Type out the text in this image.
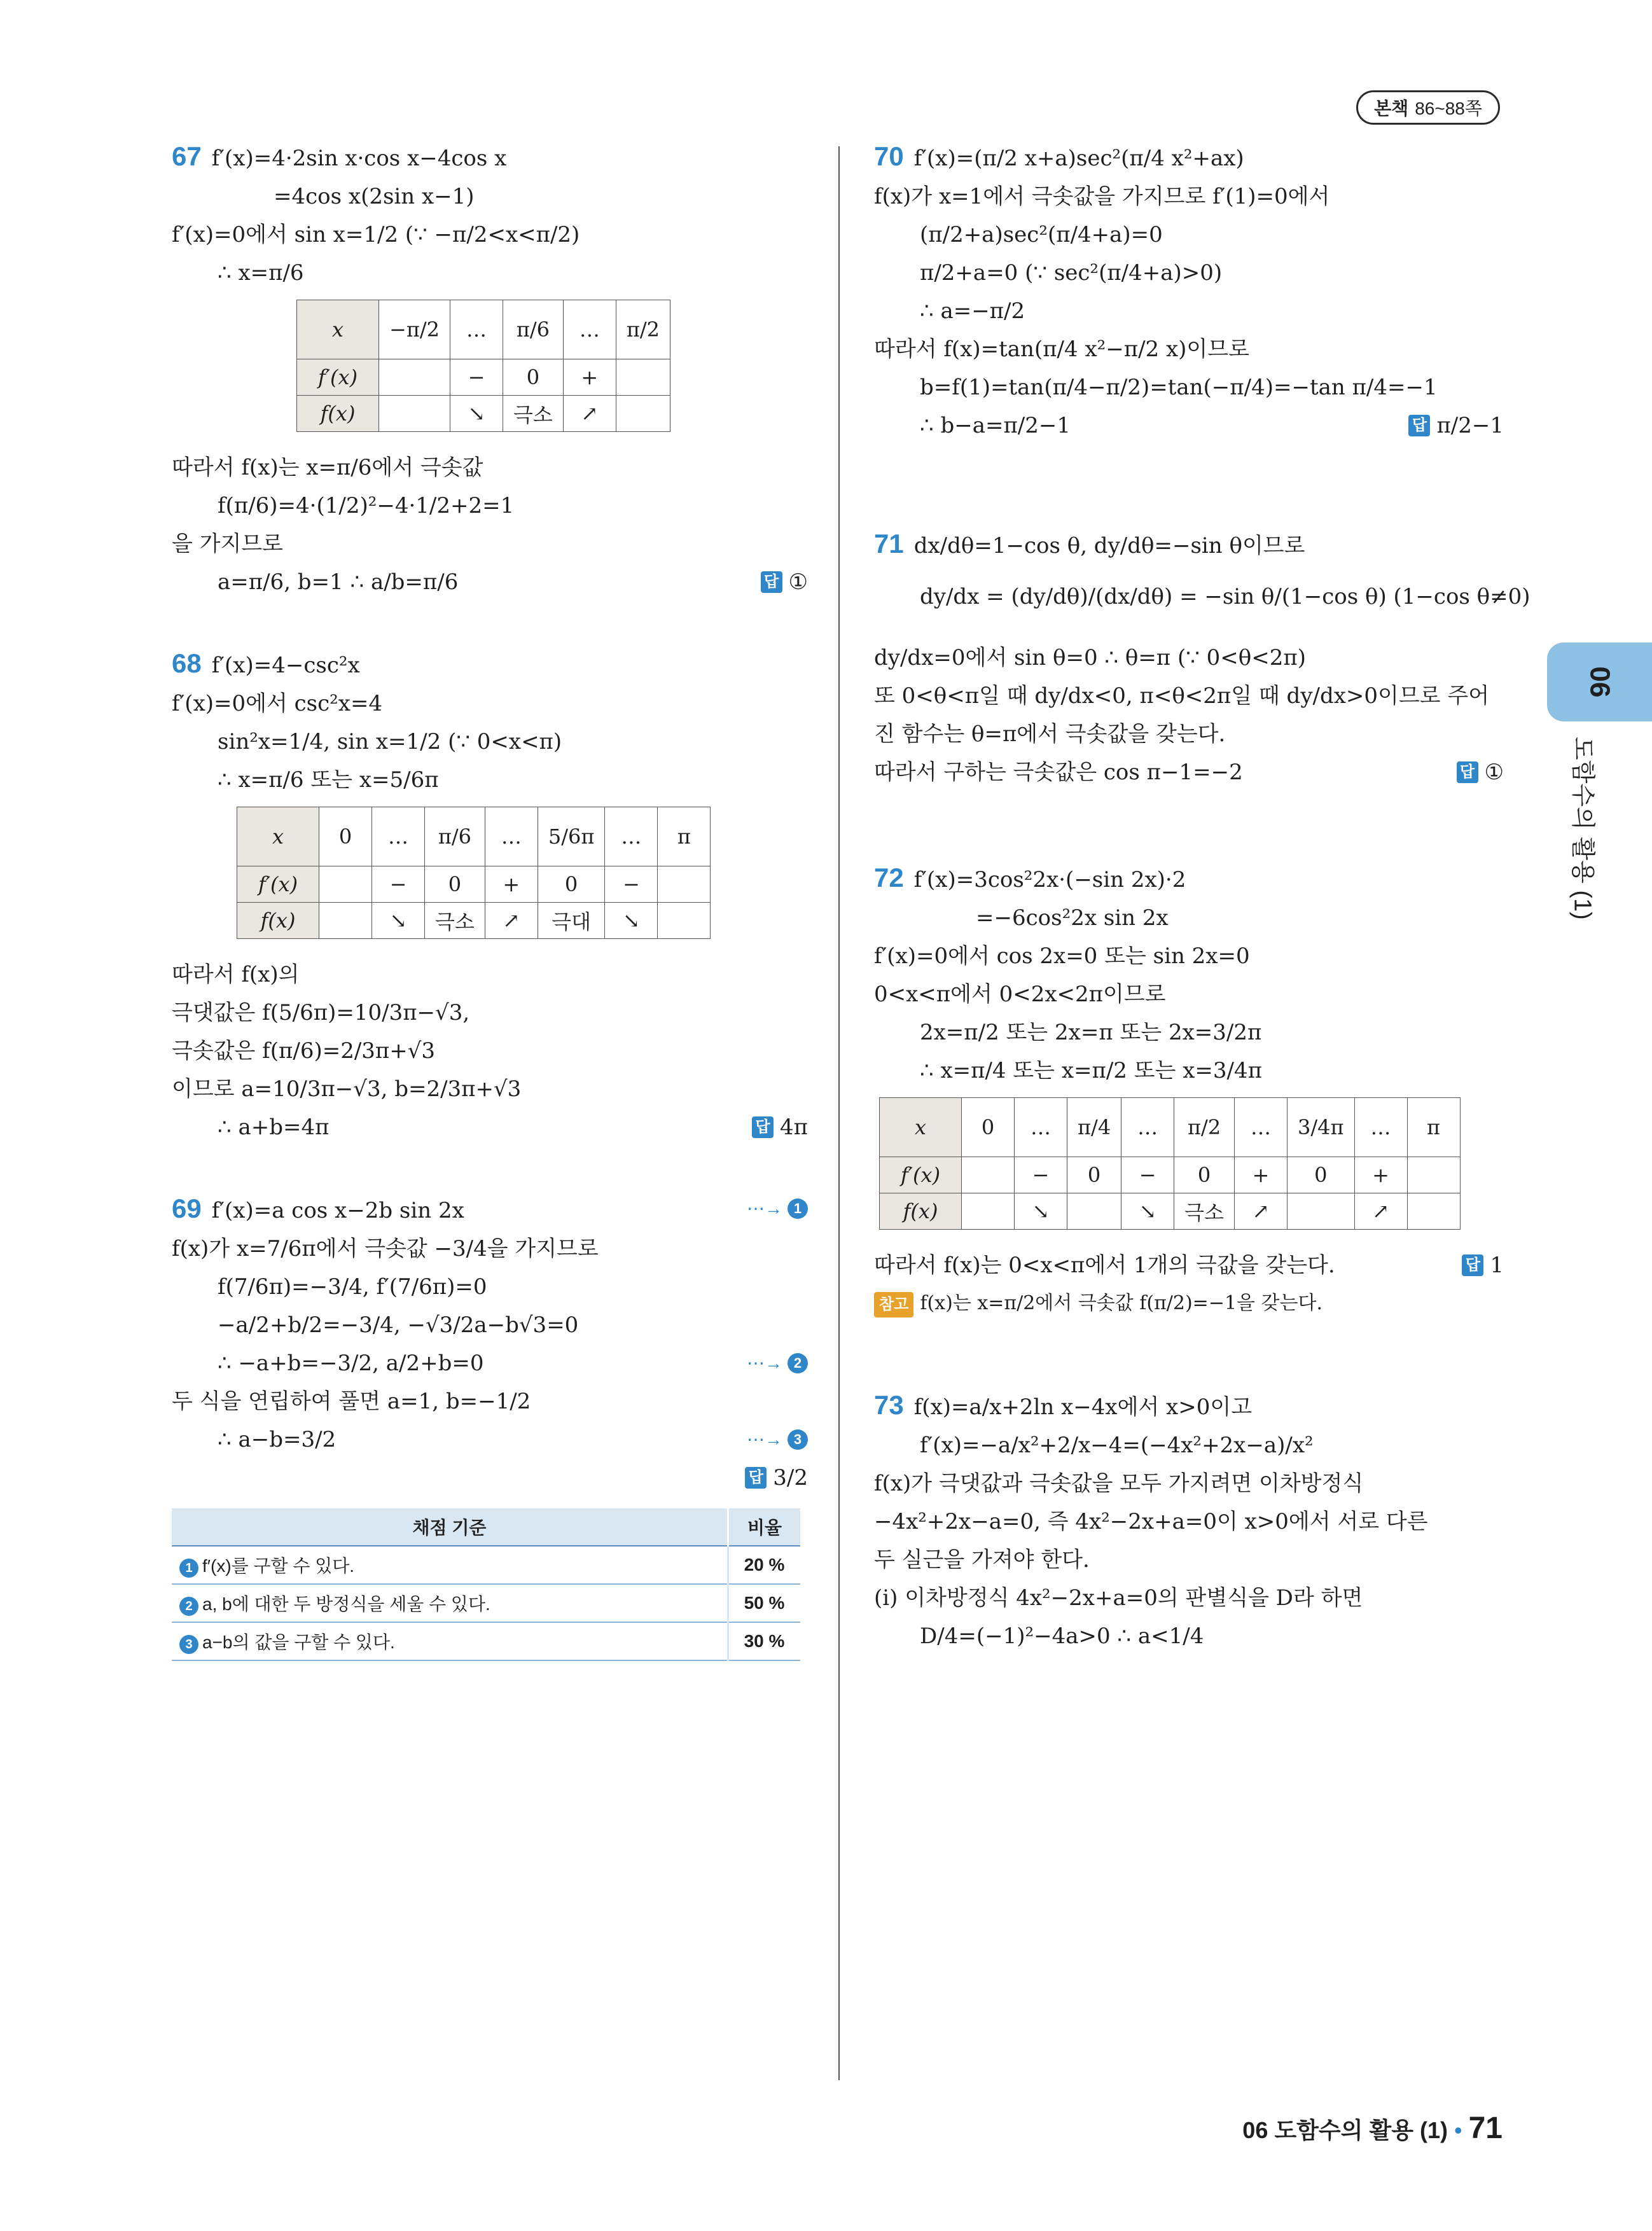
본책 86~88쪽
67 f′(x)=4·2sin x·cos x−4cos x
=4cos x(2sin x−1)
f′(x)=0에서 sin x=1/2 (∵ −π/2<x<π/2)
∴ x=π/6
x	−π/2	…	π/6	…	π/2
f′(x)		−	0	+	
f(x)		↘	극소	↗	
따라서 f(x)는 x=π/6에서 극솟값
f(π/6)=4·(1/2)²−4·1/2+2=1
을 가지므로
a=π/6, b=1 ∴ a/b=π/6	답 ①
68 f′(x)=4−csc²x
f′(x)=0에서 csc²x=4
sin²x=1/4, sin x=1/2 (∵ 0<x<π)
∴ x=π/6 또는 x=5/6π
x	0	…	π/6	…	5/6π	…	π
f′(x)		−	0	+	0	−	
f(x)		↘	극소	↗	극대	↘	
따라서 f(x)의
극댓값은 f(5/6π)=10/3π−√3,
극솟값은 f(π/6)=2/3π+√3
이므로 a=10/3π−√3, b=2/3π+√3
∴ a+b=4π	답 4π
69 f′(x)=a cos x−2b sin 2x	⋯→ 1
f(x)가 x=7/6π에서 극솟값 −3/4을 가지므로
f(7/6π)=−3/4, f′(7/6π)=0
−a/2+b/2=−3/4, −√3/2a−b√3=0
∴ −a+b=−3/2, a/2+b=0	⋯→ 2
두 식을 연립하여 풀면 a=1, b=−1/2
∴ a−b=3/2	⋯→ 3
답 3/2
채점 기준	비율
1 f′(x)를 구할 수 있다.	20 %
2 a, b에 대한 두 방정식을 세울 수 있다.	50 %
3 a−b의 값을 구할 수 있다.	30 %
70 f′(x)=(π/2 x+a)sec²(π/4 x²+ax)
f(x)가 x=1에서 극솟값을 가지므로 f′(1)=0에서
(π/2+a)sec²(π/4+a)=0
π/2+a=0 (∵ sec²(π/4+a)>0)
∴ a=−π/2
따라서 f(x)=tan(π/4 x²−π/2 x)이므로
b=f(1)=tan(π/4−π/2)=tan(−π/4)=−tan π/4=−1
∴ b−a=π/2−1	답 π/2−1
71 dx/dθ=1−cos θ, dy/dθ=−sin θ이므로
dy/dx = (dy/dθ)/(dx/dθ) = −sin θ/(1−cos θ) (1−cos θ≠0)
dy/dx=0에서 sin θ=0 ∴ θ=π (∵ 0<θ<2π)
또 0<θ<π일 때 dy/dx<0, π<θ<2π일 때 dy/dx>0이므로 주어
진 함수는 θ=π에서 극솟값을 갖는다.
따라서 구하는 극솟값은 cos π−1=−2	답 ①
72 f′(x)=3cos²2x·(−sin 2x)·2
=−6cos²2x sin 2x
f′(x)=0에서 cos 2x=0 또는 sin 2x=0
0<x<π에서 0<2x<2π이므로
2x=π/2 또는 2x=π 또는 2x=3/2π
∴ x=π/4 또는 x=π/2 또는 x=3/4π
x	0	…	π/4	…	π/2	…	3/4π	…	π
f′(x)		−	0	−	0	+	0	+	
f(x)		↘		↘	극소	↗		↗	
따라서 f(x)는 0<x<π에서 1개의 극값을 갖는다.	답 1
참고 f(x)는 x=π/2에서 극솟값 f(π/2)=−1을 갖는다.
73 f(x)=a/x+2ln x−4x에서 x>0이고
f′(x)=−a/x²+2/x−4=(−4x²+2x−a)/x²
f(x)가 극댓값과 극솟값을 모두 가지려면 이차방정식
−4x²+2x−a=0, 즉 4x²−2x+a=0이 x>0에서 서로 다른
두 실근을 가져야 한다.
(i) 이차방정식 4x²−2x+a=0의 판별식을 D라 하면
D/4=(−1)²−4a>0 ∴ a<1/4
06
도함수의 활용 (1)
06 도함수의 활용 (1) • 71
